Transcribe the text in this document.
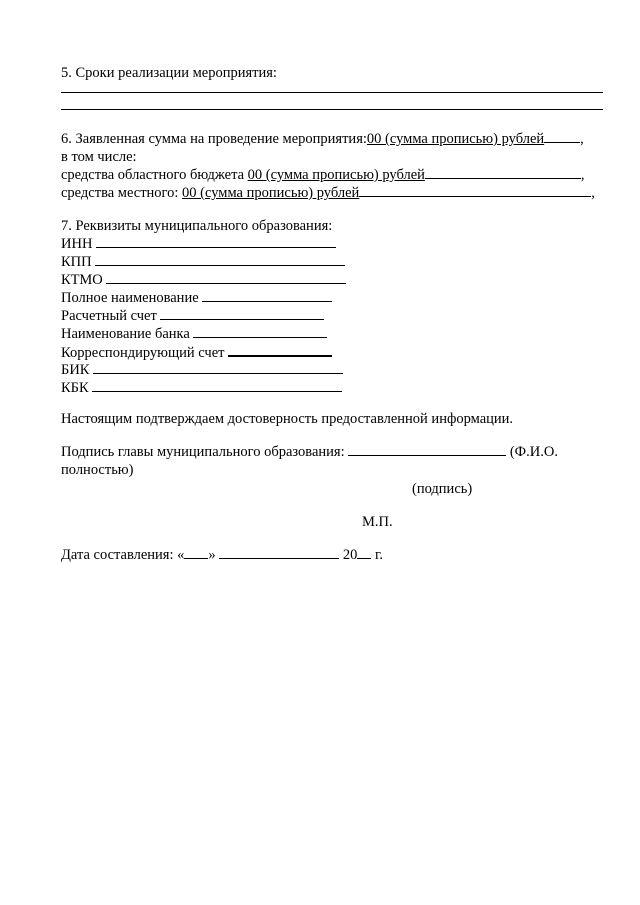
5. Сроки реализации мероприятия:
6. Заявленная сумма на проведение мероприятия:00 (сумма прописью) рублей ,
в том числе:
средства областного бюджета 00 (сумма прописью) рублей	,
средства местного: 00 (сумма прописью) рублей	,
7. Реквизиты муниципального образования:
ИНН
КПП
КТМО
Полное наименование
Расчетный счет
Наименование банка
Корреспондирующий счет
БИК
КБК
Настоящим подтверждаем достоверность предоставленной информации.
Подпись главы муниципального образования:	(Ф.И.О.
полностью)
(подпись)
М.П.
Дата составления: « »	20 г.
